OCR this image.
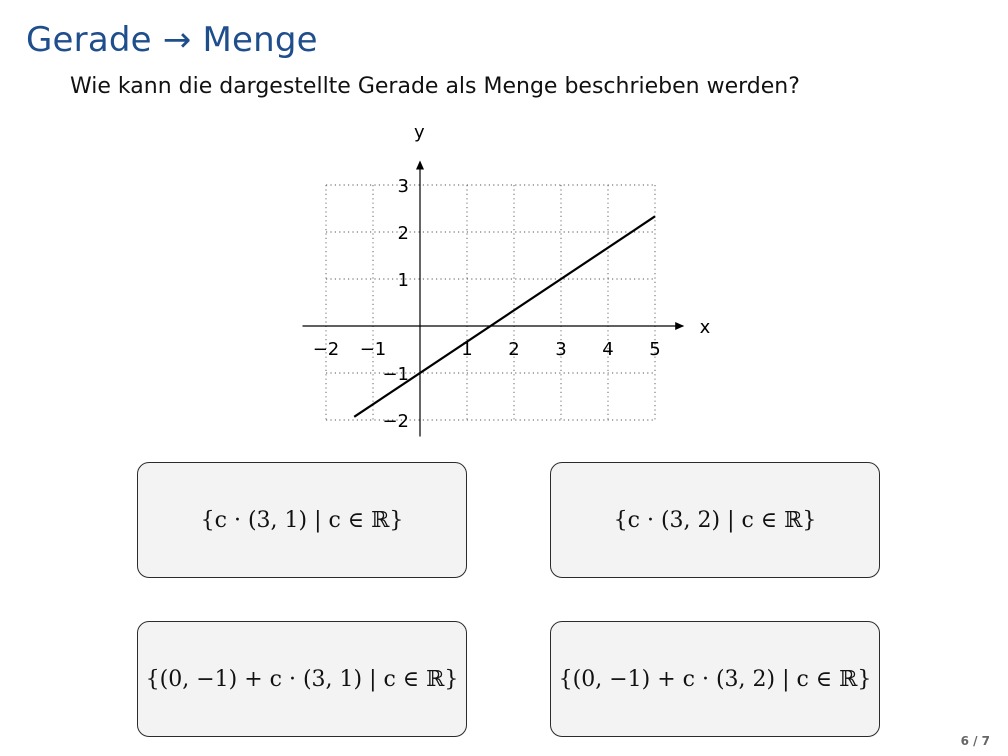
Gerade → Menge
Wie kann die dargestellte Gerade als Menge beschrieben werden?
x
y
−2 −1	1 2 3 4 5
−2
−1
1
2
3
{c · (3, 1) | c ∈ ℝ}	{c · (3, 2) | c ∈ ℝ}
{(0, −1) + c · (3, 1) | c ∈ ℝ}	{(0, −1) + c · (3, 2) | c ∈ ℝ}
6 / 7
